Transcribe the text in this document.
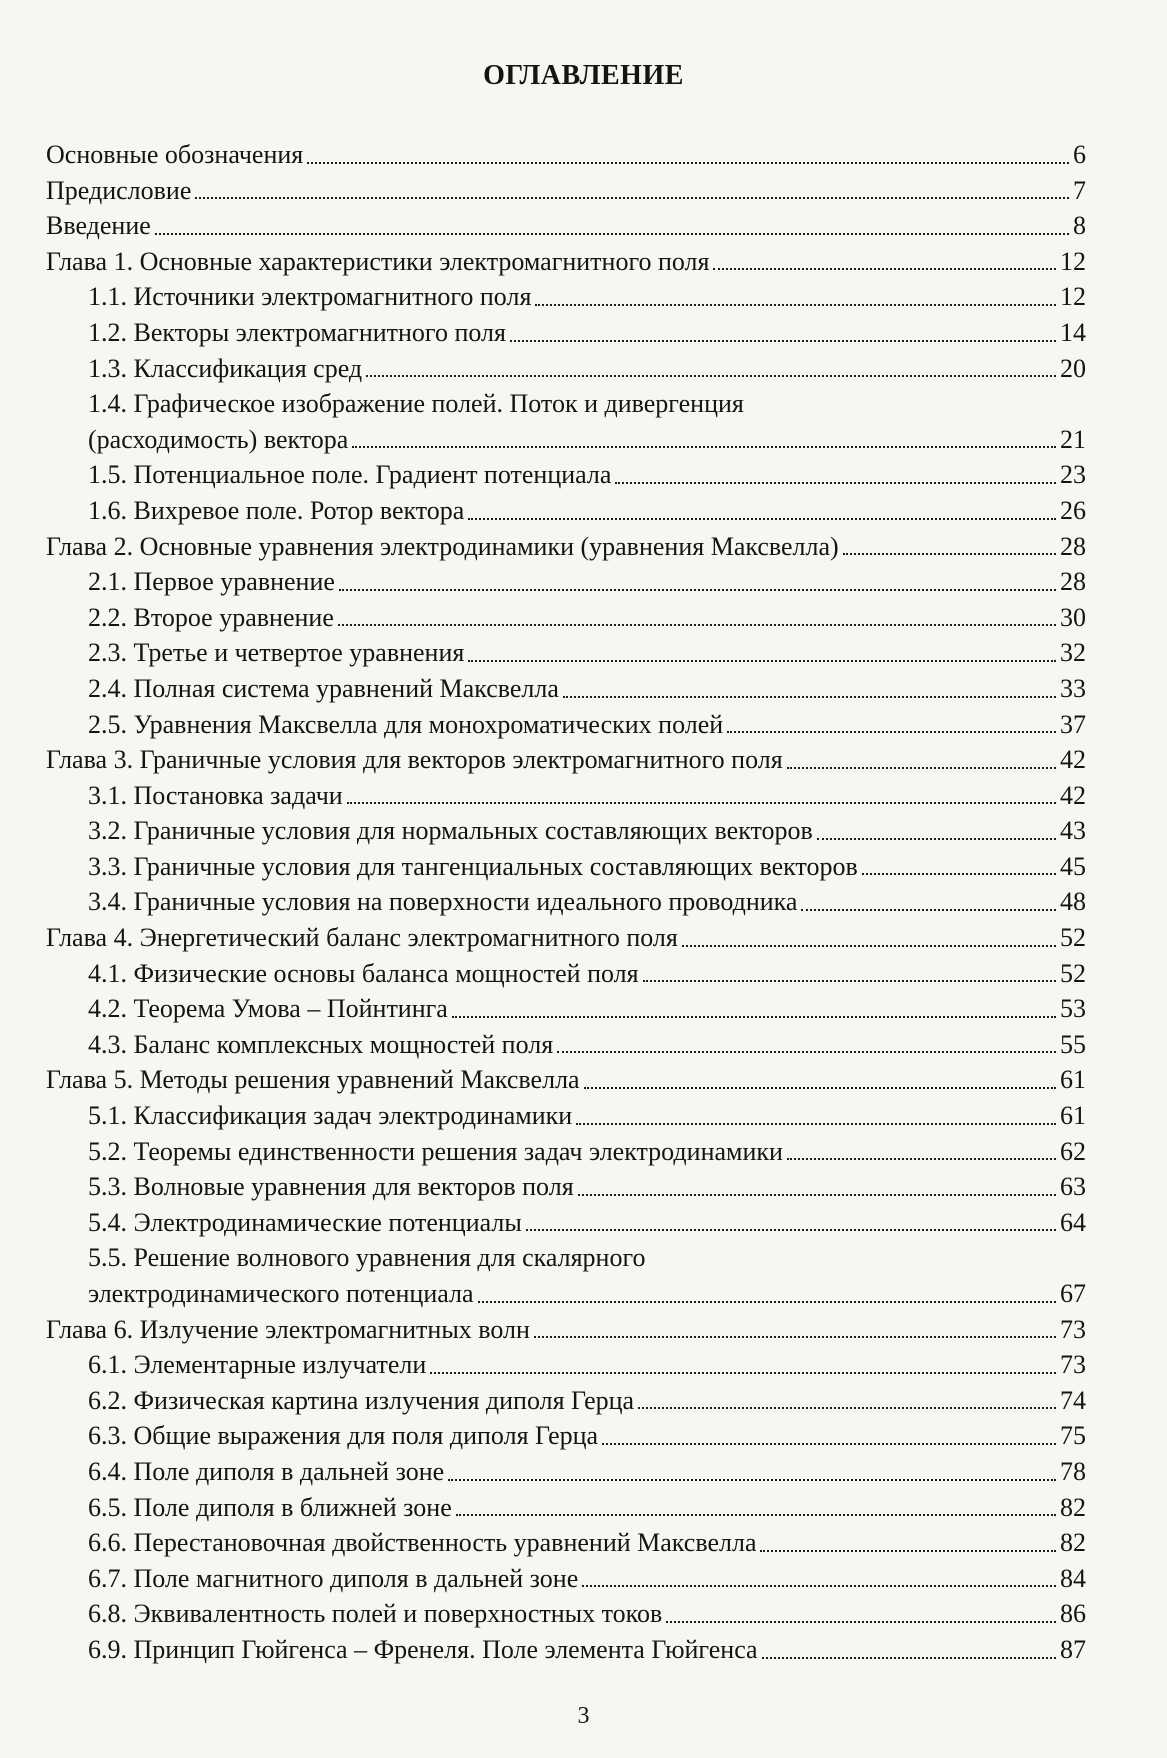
ОГЛАВЛЕНИЕ
Основные обозначения	6
Предисловие	7
Введение	8
Глава 1. Основные характеристики электромагнитного поля	12
1.1. Источники электромагнитного поля	12
1.2. Векторы электромагнитного поля	14
1.3. Классификация сред	20
1.4. Графическое изображение полей. Поток и дивергенция
(расходимость) вектора	21
1.5. Потенциальное поле. Градиент потенциала	23
1.6. Вихревое поле. Ротор вектора	26
Глава 2. Основные уравнения электродинамики (уравнения Максвелла)	28
2.1. Первое уравнение	28
2.2. Второе уравнение	30
2.3. Третье и четвертое уравнения	32
2.4. Полная система уравнений Максвелла	33
2.5. Уравнения Максвелла для монохроматических полей	37
Глава 3. Граничные условия для векторов электромагнитного поля	42
3.1. Постановка задачи	42
3.2. Граничные условия для нормальных составляющих векторов	43
3.3. Граничные условия для тангенциальных составляющих векторов	45
3.4. Граничные условия на поверхности идеального проводника	48
Глава 4. Энергетический баланс электромагнитного поля	52
4.1. Физические основы баланса мощностей поля	52
4.2. Теорема Умова – Пойнтинга	53
4.3. Баланс комплексных мощностей поля	55
Глава 5. Методы решения уравнений Максвелла	61
5.1. Классификация задач электродинамики	61
5.2. Теоремы единственности решения задач электродинамики	62
5.3. Волновые уравнения для векторов поля	63
5.4. Электродинамические потенциалы	64
5.5. Решение волнового уравнения для скалярного
электродинамического потенциала	67
Глава 6. Излучение электромагнитных волн	73
6.1. Элементарные излучатели	73
6.2. Физическая картина излучения диполя Герца	74
6.3. Общие выражения для поля диполя Герца	75
6.4. Поле диполя в дальней зоне	78
6.5. Поле диполя в ближней зоне	82
6.6. Перестановочная двойственность уравнений Максвелла	82
6.7. Поле магнитного диполя в дальней зоне	84
6.8. Эквивалентность полей и поверхностных токов	86
6.9. Принцип Гюйгенса – Френеля. Поле элемента Гюйгенса	87
3
